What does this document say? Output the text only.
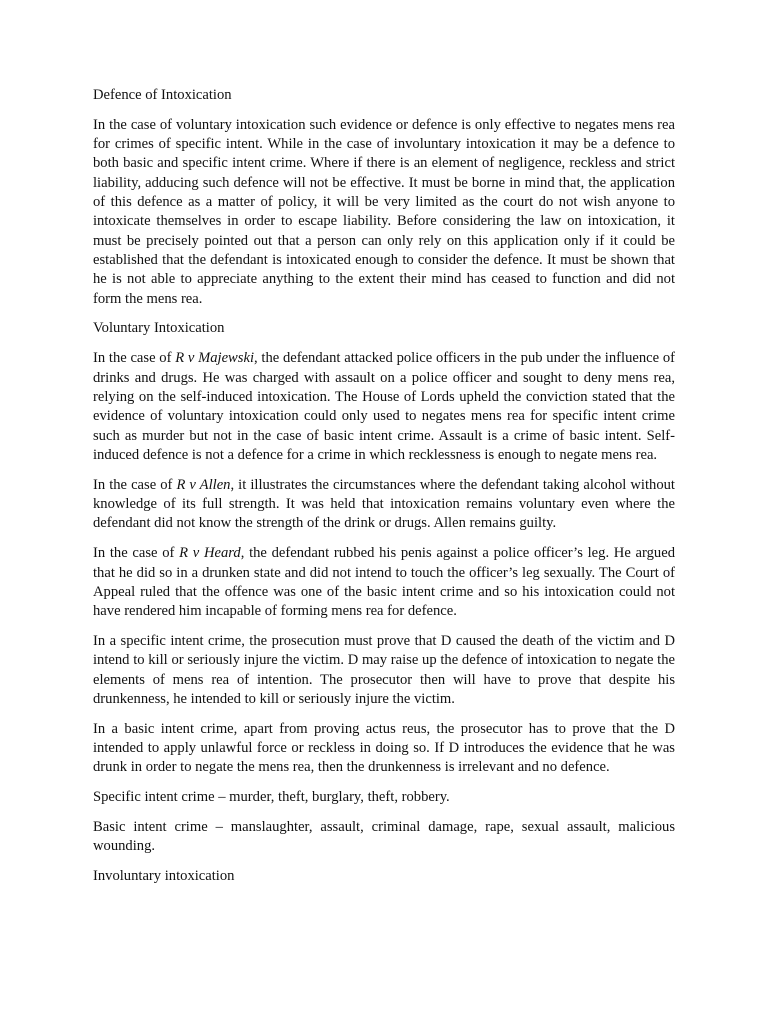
Defence of Intoxication

In the case of voluntary intoxication such evidence or defence is only effective to negates mens rea for crimes of specific intent. While in the case of involuntary intoxication it may be a defence to both basic and specific intent crime. Where if there is an element of negligence, reckless and strict liability, adducing such defence will not be effective. It must be borne in mind that, the application of this defence as a matter of policy, it will be very limited as the court do not wish anyone to intoxicate themselves in order to escape liability. Before considering the law on intoxication, it must be precisely pointed out that a person can only rely on this application only if it could be established that the defendant is intoxicated enough to consider the defence. It must be shown that he is not able to appreciate anything to the extent their mind has ceased to function and did not form the mens rea.

Voluntary Intoxication

In the case of R v Majewski, the defendant attacked police officers in the pub under the influence of drinks and drugs. He was charged with assault on a police officer and sought to deny mens rea, relying on the self-induced intoxication. The House of Lords upheld the conviction stated that the evidence of voluntary intoxication could only used to negates mens rea for specific intent crime such as murder but not in the case of basic intent crime. Assault is a crime of basic intent. Self-induced defence is not a defence for a crime in which recklessness is enough to negate mens rea.

In the case of R v Allen, it illustrates the circumstances where the defendant taking alcohol without knowledge of its full strength. It was held that intoxication remains voluntary even where the defendant did not know the strength of the drink or drugs. Allen remains guilty.

In the case of R v Heard, the defendant rubbed his penis against a police officer’s leg. He argued that he did so in a drunken state and did not intend to touch the officer’s leg sexually. The Court of Appeal ruled that the offence was one of the basic intent crime and so his intoxication could not have rendered him incapable of forming mens rea for defence.

In a specific intent crime, the prosecution must prove that D caused the death of the victim and D intend to kill or seriously injure the victim. D may raise up the defence of intoxication to negate the elements of mens rea of intention. The prosecutor then will have to prove that despite his drunkenness, he intended to kill or seriously injure the victim.

In a basic intent crime, apart from proving actus reus, the prosecutor has to prove that the D intended to apply unlawful force or reckless in doing so. If D introduces the evidence that he was drunk in order to negate the mens rea, then the drunkenness is irrelevant and no defence.

Specific intent crime – murder, theft, burglary, theft, robbery.

Basic intent crime – manslaughter, assault, criminal damage, rape, sexual assault, malicious wounding.

Involuntary intoxication
